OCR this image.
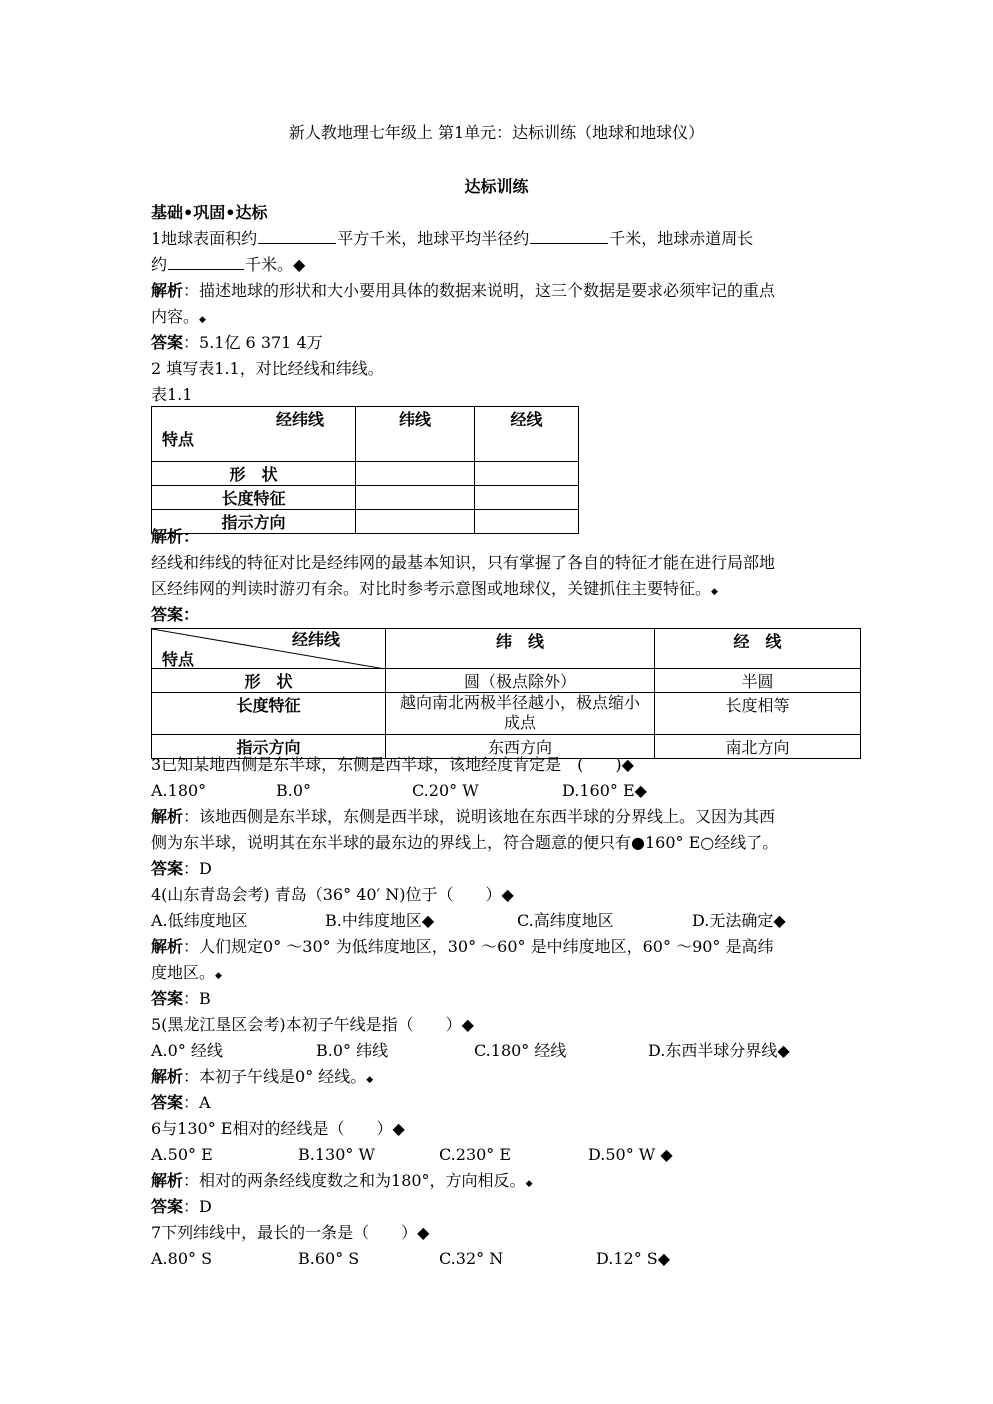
新人教地理七年级上 第1单元：达标训练（地球和地球仪）
达标训练
基础•巩固•达标
1地球表面积约	平方千米，地球平均半径约	千米，地球赤道周长
约	千米。◆
解析：描述地球的形状和大小要用具体的数据来说明，这三个数据是要求必须牢记的重点
内容。◆
答案：5.1亿 6 371 4万
2 填写表1.1，对比经线和纬线。
表1.1
经纬线
特点	纬线	经线
形　状		
长度特征		
指示方向		
解析：
经线和纬线的特征对比是经纬网的最基本知识，只有掌握了各自的特征才能在进行局部地
区经纬网的判读时游刃有余。对比时参考示意图或地球仪，关键抓住主要特征。◆
答案：
经纬线
特点	纬　线	经　线
形　状	圆（极点除外）	半圆
长度特征	越向南北两极半径越小，极点缩小成点	长度相等
指示方向	东西方向	南北方向
3已知某地西侧是东半球，东侧是西半球，该地经度肯定是　(　　)◆
A.180°	B.0°	C.20° W	D.160° E◆
解析：该地西侧是东半球，东侧是西半球，说明该地在东西半球的分界线上。又因为其西
侧为东半球，说明其在东半球的最东边的界线上，符合题意的便只有●160° E○经线了。
答案：D
4(山东青岛会考) 青岛（36° 40′ N)位于（　　）◆
A.低纬度地区	B.中纬度地区◆	C.高纬度地区	D.无法确定◆
解析：人们规定0° ～30° 为低纬度地区，30° ～60° 是中纬度地区，60° ～90° 是高纬
度地区。◆
答案：B
5(黑龙江垦区会考)本初子午线是指（　　）◆
A.0° 经线	B.0° 纬线	C.180° 经线	D.东西半球分界线◆
解析：本初子午线是0° 经线。◆
答案：A
6与130° E相对的经线是（　　）◆
A.50° E	B.130° W	C.230° E	D.50° W ◆
解析：相对的两条经线度数之和为180°，方向相反。◆
答案：D
7下列纬线中，最长的一条是（　　）◆
A.80° S	B.60° S	C.32° N	D.12° S◆
